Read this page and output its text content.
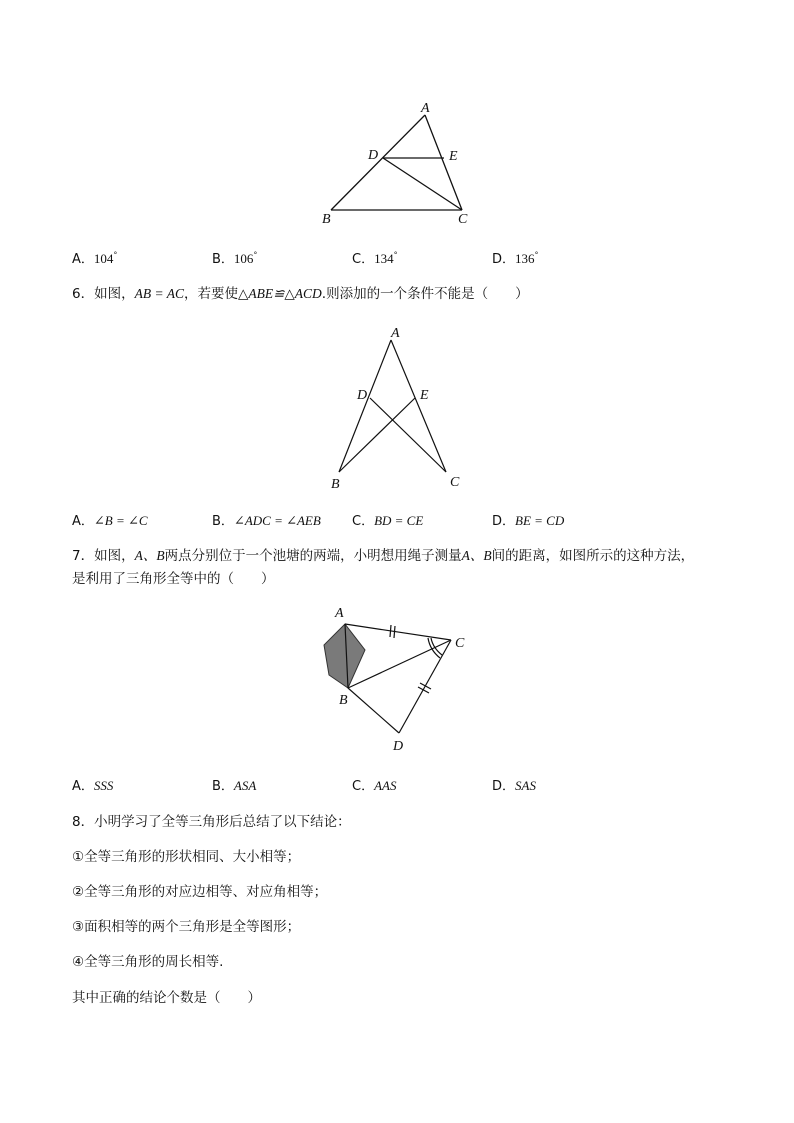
A
D	E
B	C
A．104°	B．106°	C．134°	D．136°
6．如图，AB = AC，若要使△ABE≌△ACD.则添加的一个条件不能是（　　）
A
D	E
B	C
A．∠B = ∠C	B．∠ADC = ∠AEB C．BD = CE	D．BE = CD
7．如图，A、B两点分别位于一个池塘的两端，小明想用绳子测量A、B间的距离，如图所示的这种方法，
是利用了三角形全等中的（　　）
A
C
B
D
A．SSS	B．ASA	C．AAS	D．SAS
8．小明学习了全等三角形后总结了以下结论：
①全等三角形的形状相同、大小相等；
②全等三角形的对应边相等、对应角相等；
③面积相等的两个三角形是全等图形；
④全等三角形的周长相等.
其中正确的结论个数是（　　）
